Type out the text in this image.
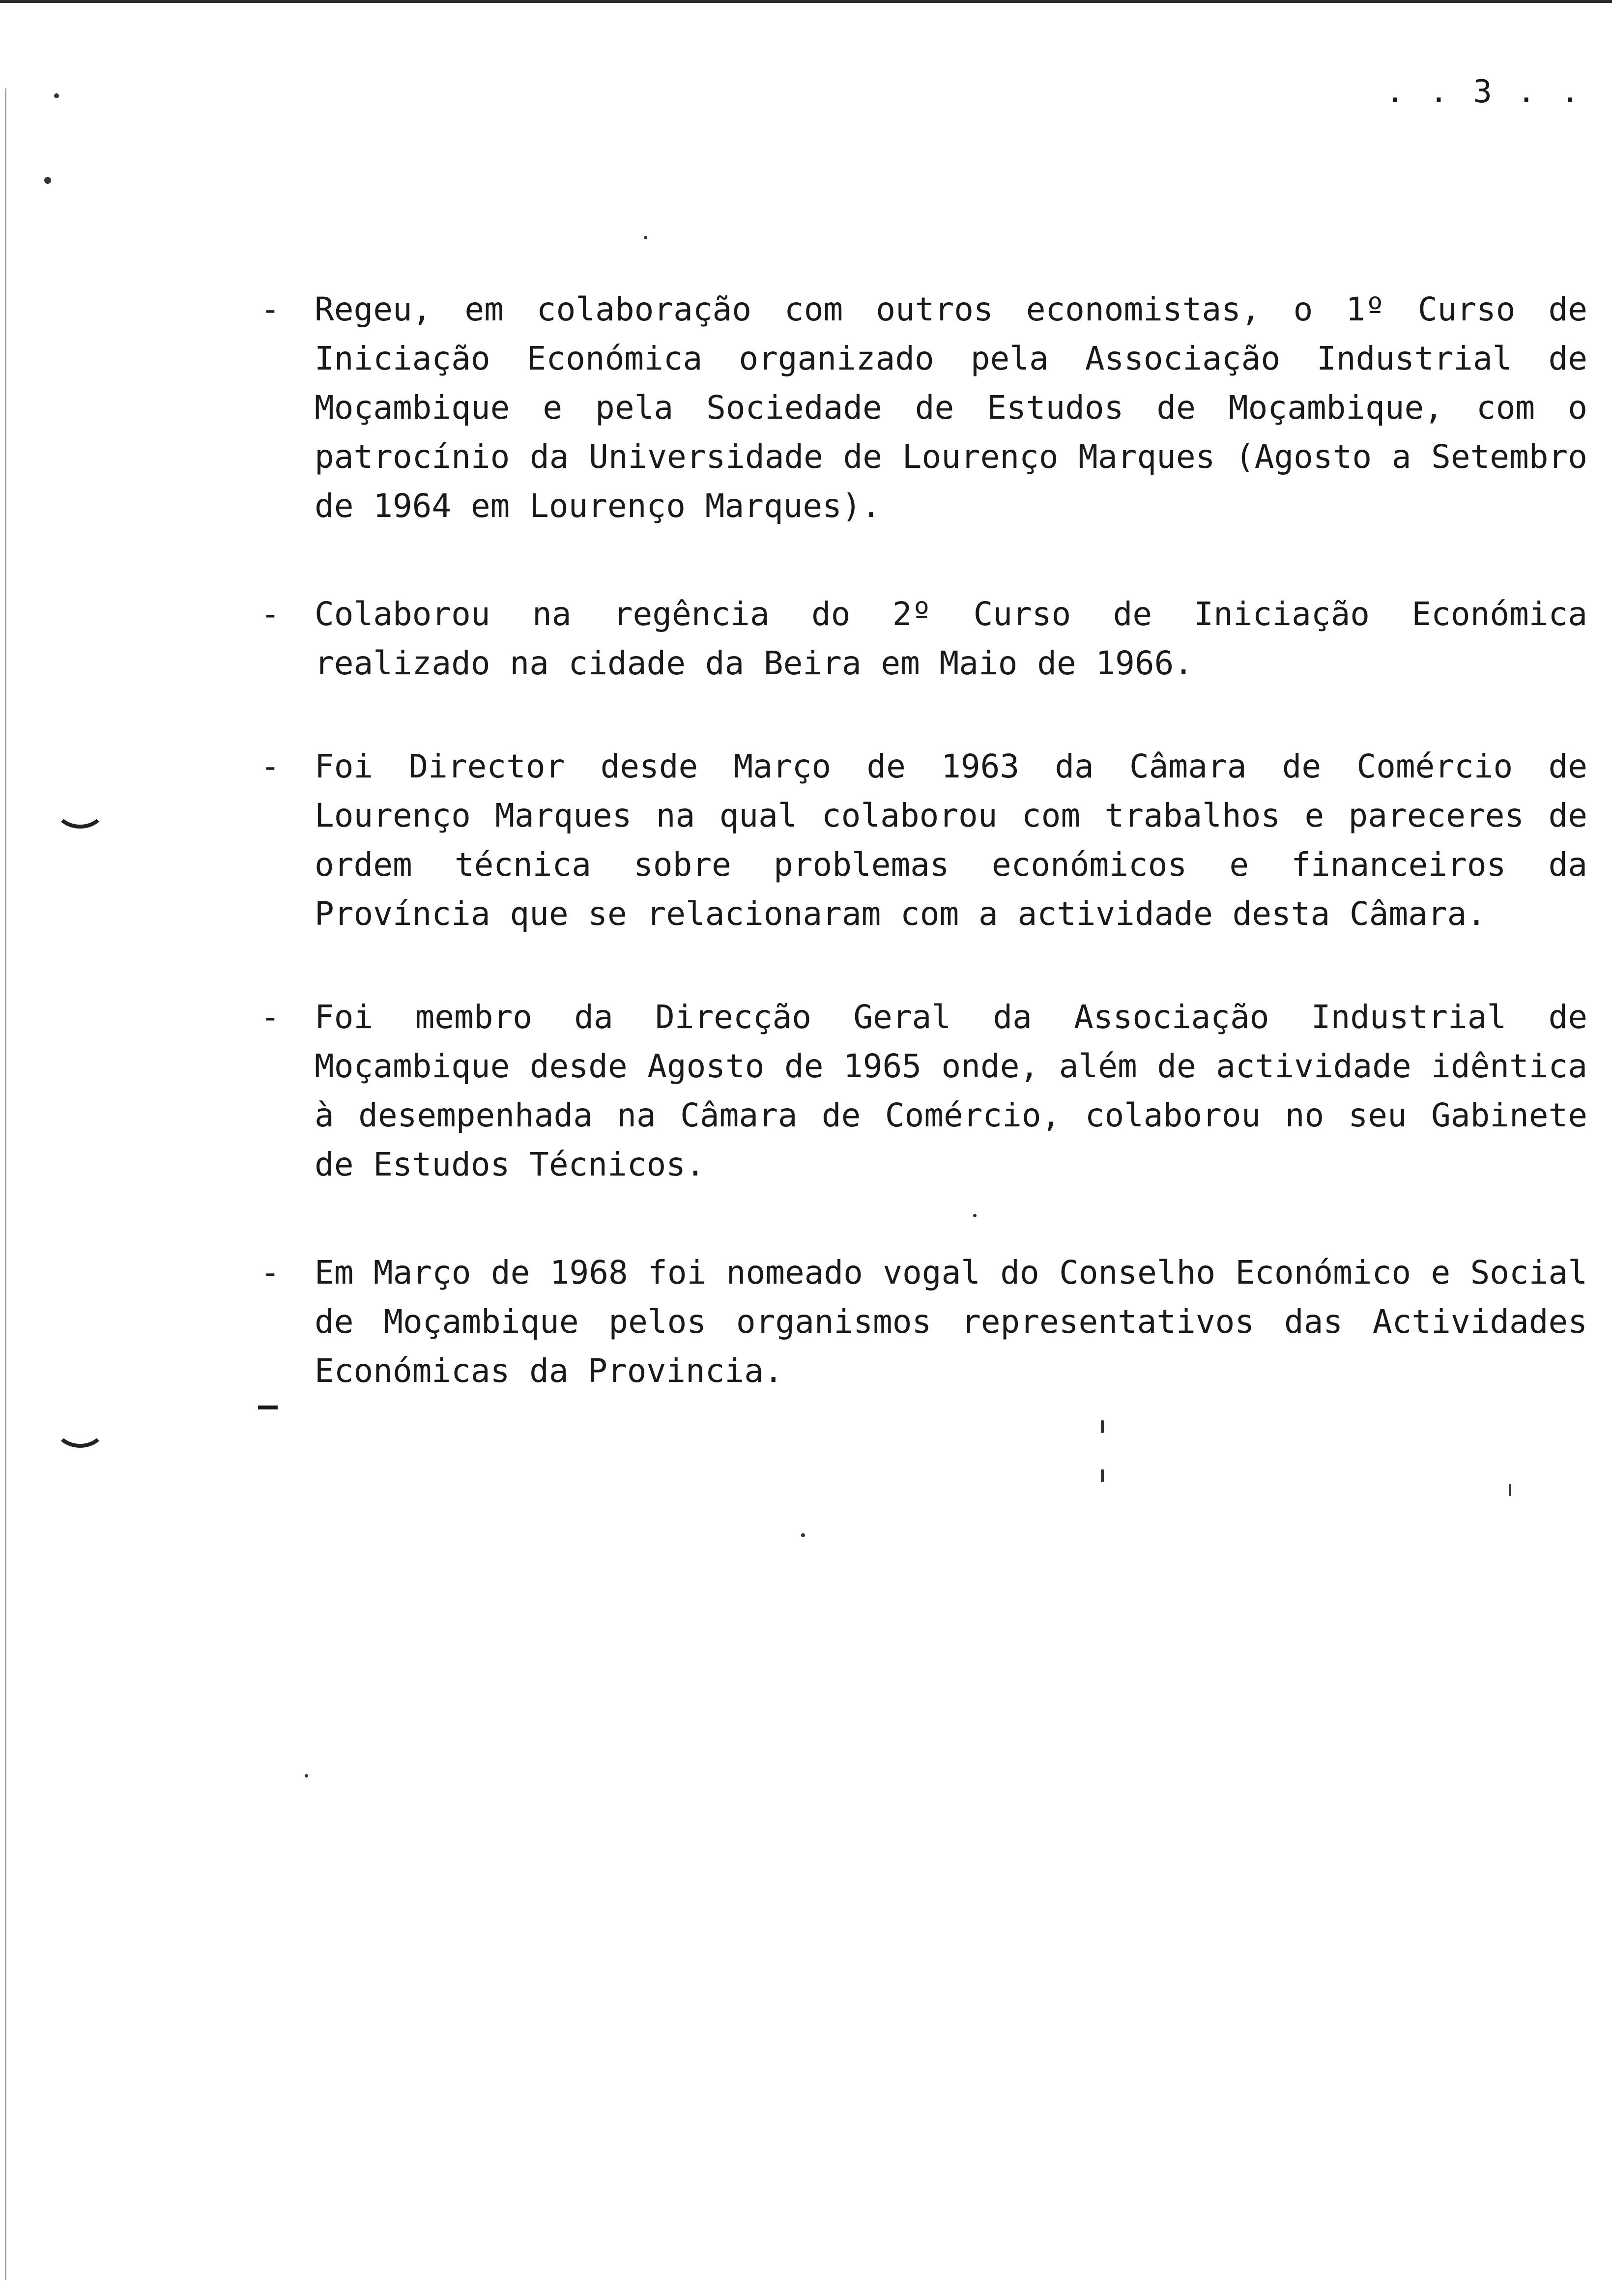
. . 3 . .
-	Regeu, em colaboração com outros economistas, o 1º Curso de Iniciação Económica organizado pela Associação Industrial de Moçambique e pela Sociedade de Estudos de Moçambique, com o patrocínio da Universidade de Lourenço Marques (Agosto a Setembro de 1964 em Lourenço Marques).
-	Colaborou na regência do 2º Curso de Iniciação Económica realizado na cidade da Beira em Maio de 1966.
-	Foi Director desde Março de 1963 da Câmara de Comércio de Lourenço Marques na qual colaborou com trabalhos e pareceres de ordem técnica sobre problemas económicos e financeiros da Província que se relacionaram com a actividade desta Câmara.
-	Foi membro da Direcção Geral da Associação Industrial de Moçambique desde Agosto de 1965 onde, além de actividade idêntica à desempenhada na Câmara de Comércio, colaborou no seu Gabinete de Estudos Técnicos.
-	Em Março de 1968 foi nomeado vogal do Conselho Económico e Social de Moçambique pelos organismos representativos das Actividades Económicas da Provincia.
